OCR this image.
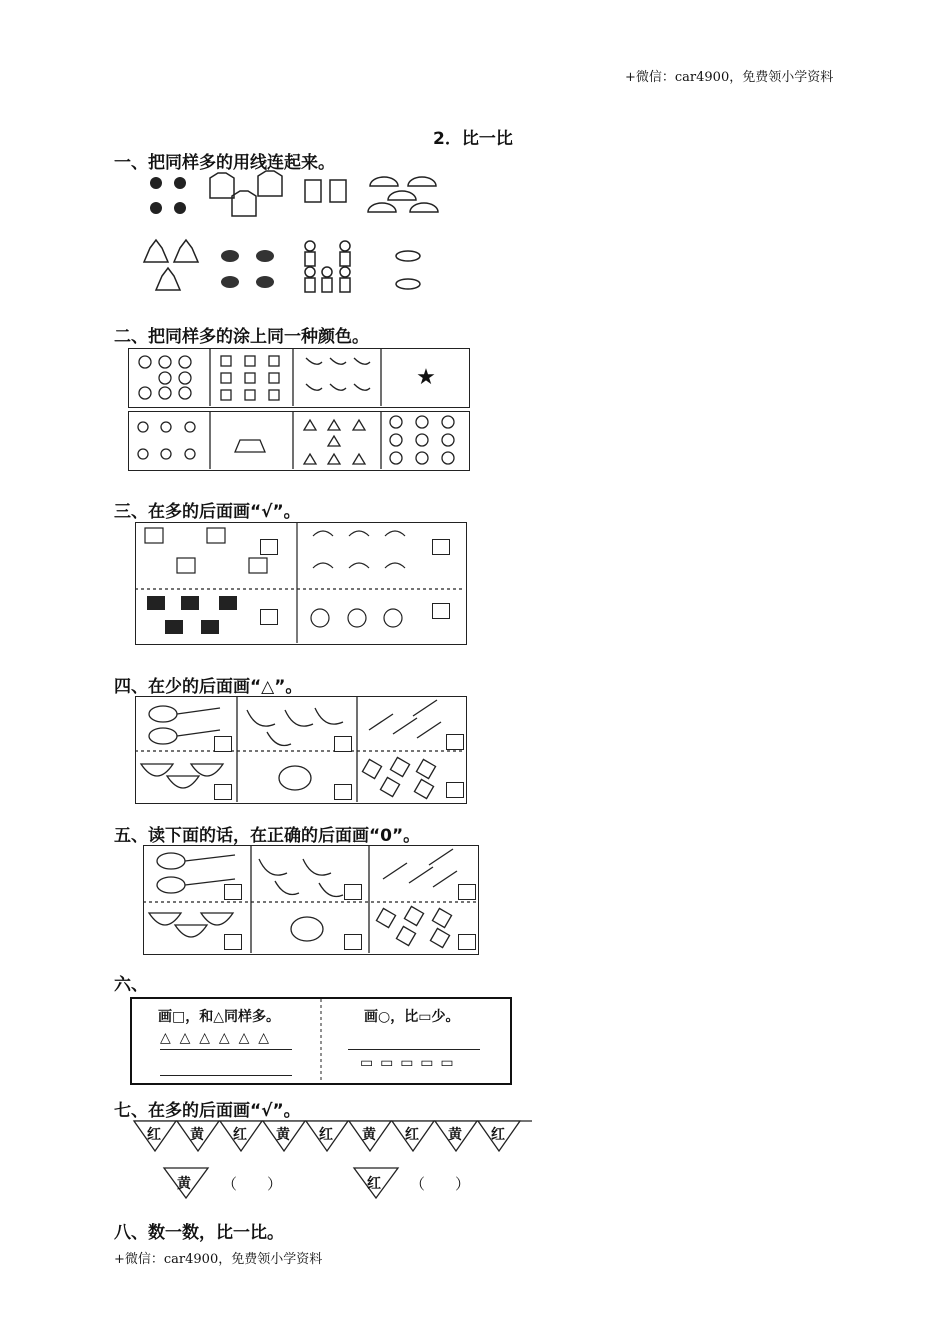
+微信：car4900，免费领小学资料
2．比一比
一、把同样多的用线连起来。
二、把同样多的涂上同一种颜色。
★
三、在多的后面画“√”。
四、在少的后面画“△”。
五、读下面的话，在正确的后面画“0”。
六、
画□，和△同样多。
△ △ △ △ △ △
画○，比▭少。
▭ ▭ ▭ ▭ ▭
七、在多的后面画“√”。
红 黄 红 黄 红 黄 红 黄 红
黄 （　　）	红 （　　）
八、数一数，比一比。
+微信：car4900，免费领小学资料
